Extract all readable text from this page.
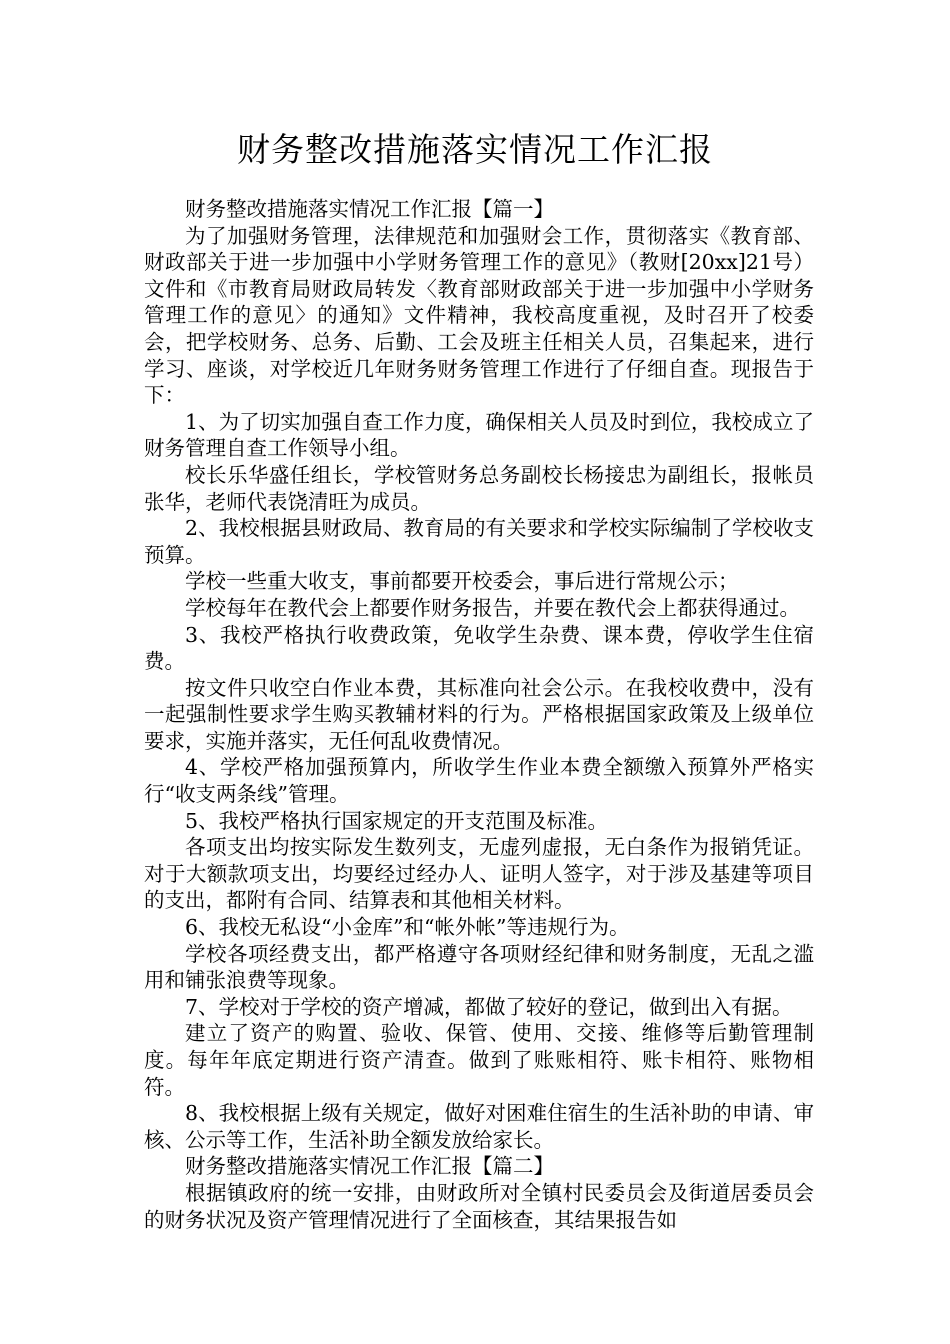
财务整改措施落实情况工作汇报

财务整改措施落实情况工作汇报【篇一】

为了加强财务管理，法律规范和加强财会工作，贯彻落实《教育部、财政部关于进一步加强中小学财务管理工作的意见》（教财[20xx]21号）文件和《市教育局财政局转发〈教育部财政部关于进一步加强中小学财务管理工作的意见〉的通知》文件精神，我校高度重视，及时召开了校委会，把学校财务、总务、后勤、工会及班主任相关人员，召集起来，进行学习、座谈，对学校近几年财务财务管理工作进行了仔细自查。现报告于下：

1、为了切实加强自查工作力度，确保相关人员及时到位，我校成立了财务管理自查工作领导小组。

校长乐华盛任组长，学校管财务总务副校长杨接忠为副组长，报帐员张华，老师代表饶清旺为成员。

2、我校根据县财政局、教育局的有关要求和学校实际编制了学校收支预算。

学校一些重大收支，事前都要开校委会，事后进行常规公示；

学校每年在教代会上都要作财务报告，并要在教代会上都获得通过。

3、我校严格执行收费政策，免收学生杂费、课本费，停收学生住宿费。

按文件只收空白作业本费，其标准向社会公示。在我校收费中，没有一起强制性要求学生购买教辅材料的行为。严格根据国家政策及上级单位要求，实施并落实，无任何乱收费情况。

4、学校严格加强预算内，所收学生作业本费全额缴入预算外严格实行“收支两条线”管理。

5、我校严格执行国家规定的开支范围及标准。

各项支出均按实际发生数列支，无虚列虚报，无白条作为报销凭证。对于大额款项支出，均要经过经办人、证明人签字，对于涉及基建等项目的支出，都附有合同、结算表和其他相关材料。

6、我校无私设“小金库”和“帐外帐”等违规行为。

学校各项经费支出，都严格遵守各项财经纪律和财务制度，无乱之滥用和铺张浪费等现象。

7、学校对于学校的资产增减，都做了较好的登记，做到出入有据。

建立了资产的购置、验收、保管、使用、交接、维修等后勤管理制度。每年年底定期进行资产清查。做到了账账相符、账卡相符、账物相符。

8、我校根据上级有关规定，做好对困难住宿生的生活补助的申请、审核、公示等工作，生活补助全额发放给家长。

财务整改措施落实情况工作汇报【篇二】

根据镇政府的统一安排，由财政所对全镇村民委员会及街道居委员会的财务状况及资产管理情况进行了全面核查，其结果报告如
